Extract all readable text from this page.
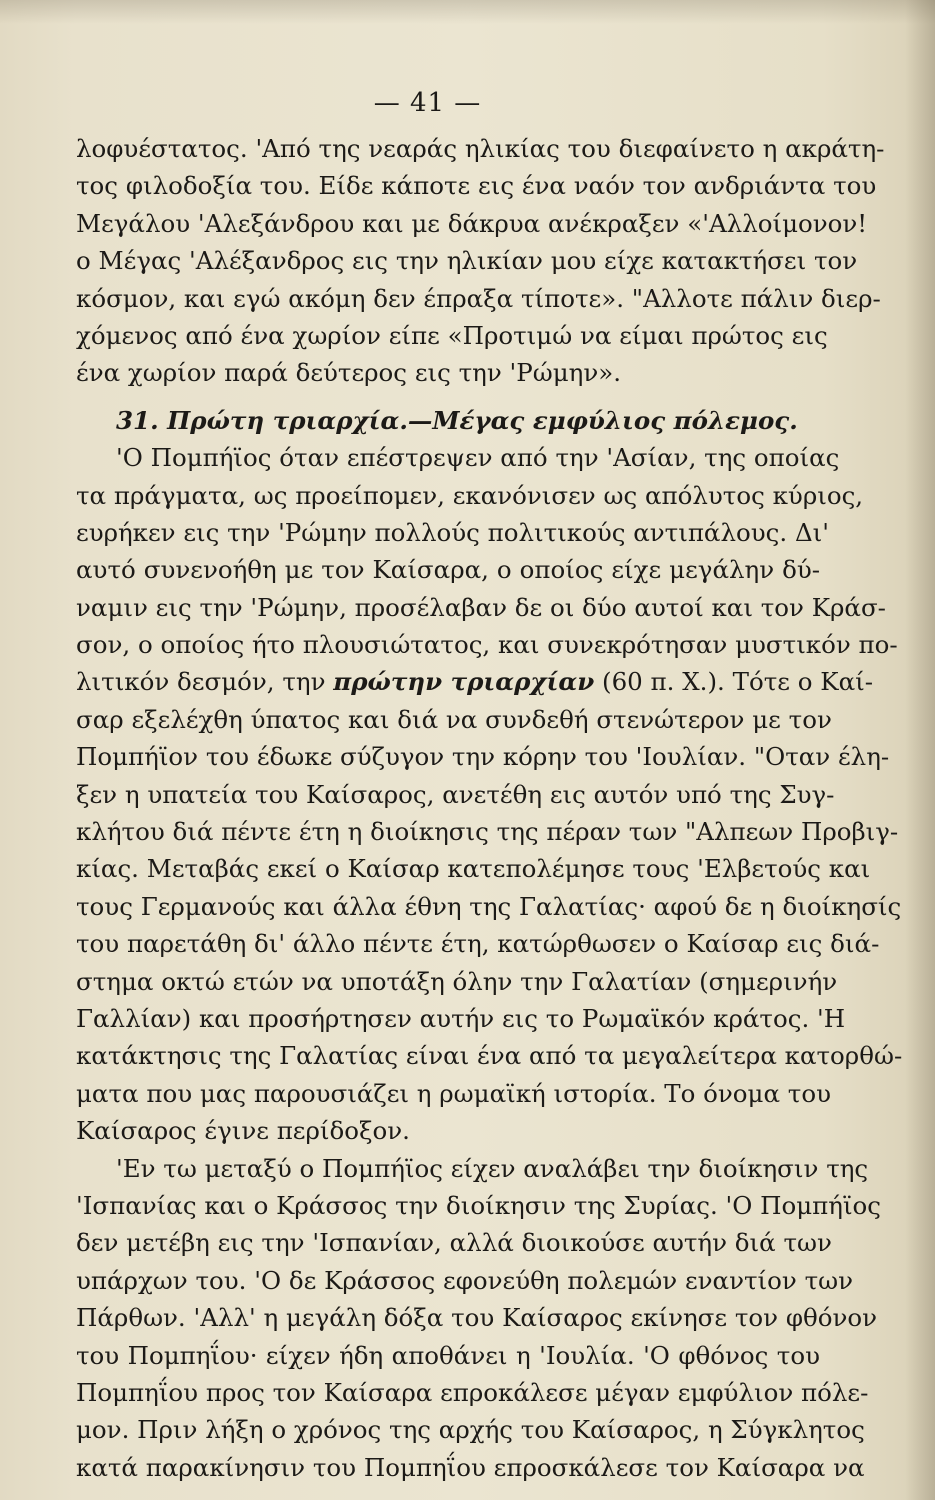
— 41 —
λοφυέστατος. 'Από της νεαράς ηλικίας του διεφαίνετο η ακράτη-
τος φιλοδοξία του. Είδε κάποτε εις ένα ναόν τον ανδριάντα του
Μεγάλου 'Αλεξάνδρου και με δάκρυα ανέκραξεν «'Αλλοίμονον!
ο Μέγας 'Αλέξανδρος εις την ηλικίαν μου είχε κατακτήσει τον
κόσμον, και εγώ ακόμη δεν έπραξα τίποτε». "Αλλοτε πάλιν διερ-
χόμενος από ένα χωρίον είπε «Προτιμώ να είμαι πρώτος εις
ένα χωρίον παρά δεύτερος εις την 'Ρώμην».
31. Πρώτη τριαρχία.—Μέγας εμφύλιος πόλεμος.
'Ο Πομπήϊος όταν επέστρεψεν από την 'Ασίαν, της οποίας
τα πράγματα, ως προείπομεν, εκανόνισεν ως απόλυτος κύριος,
ευρήκεν εις την 'Ρώμην πολλούς πολιτικούς αντιπάλους. Δι'
αυτό συνενοήθη με τον Καίσαρα, ο οποίος είχε μεγάλην δύ-
ναμιν εις την 'Ρώμην, προσέλαβαν δε οι δύο αυτοί και τον Κράσ-
σον, ο οποίος ήτο πλουσιώτατος, και συνεκρότησαν μυστικόν πο-
λιτικόν δεσμόν, την πρώτην τριαρχίαν (60 π. Χ.). Τότε ο Καί-
σαρ εξελέχθη ύπατος και διά να συνδεθή στενώτερον με τον
Πομπήϊον του έδωκε σύζυγον την κόρην του 'Ιουλίαν. "Οταν έλη-
ξεν η υπατεία του Καίσαρος, ανετέθη εις αυτόν υπό της Συγ-
κλήτου διά πέντε έτη η διοίκησις της πέραν των "Αλπεων Προβιγ-
κίας. Μεταβάς εκεί ο Καίσαρ κατεπολέμησε τους 'Ελβετούς και
τους Γερμανούς και άλλα έθνη της Γαλατίας· αφού δε η διοίκησίς
του παρετάθη δι' άλλο πέντε έτη, κατώρθωσεν ο Καίσαρ εις διά-
στημα οκτώ ετών να υποτάξη όλην την Γαλατίαν (σημερινήν
Γαλλίαν) και προσήρτησεν αυτήν εις το Ρωμαϊκόν κράτος. 'Η
κατάκτησις της Γαλατίας είναι ένα από τα μεγαλείτερα κατορθώ-
ματα που μας παρουσιάζει η ρωμαϊκή ιστορία. Το όνομα του
Καίσαρος έγινε περίδοξον.
'Εν τω μεταξύ ο Πομπήϊος είχεν αναλάβει την διοίκησιν της
'Ισπανίας και ο Κράσσος την διοίκησιν της Συρίας. 'Ο Πομπήϊος
δεν μετέβη εις την 'Ισπανίαν, αλλά διοικούσε αυτήν διά των
υπάρχων του. 'Ο δε Κράσσος εφονεύθη πολεμών εναντίον των
Πάρθων. 'Αλλ' η μεγάλη δόξα του Καίσαρος εκίνησε τον φθόνον
του Πομπηΐου· είχεν ήδη αποθάνει η 'Ιουλία. 'Ο φθόνος του
Πομπηΐου προς τον Καίσαρα επροκάλεσε μέγαν εμφύλιον πόλε-
μον. Πριν λήξη ο χρόνος της αρχής του Καίσαρος, η Σύγκλητος
κατά παρακίνησιν του Πομπηΐου επροσκάλεσε τον Καίσαρα να
